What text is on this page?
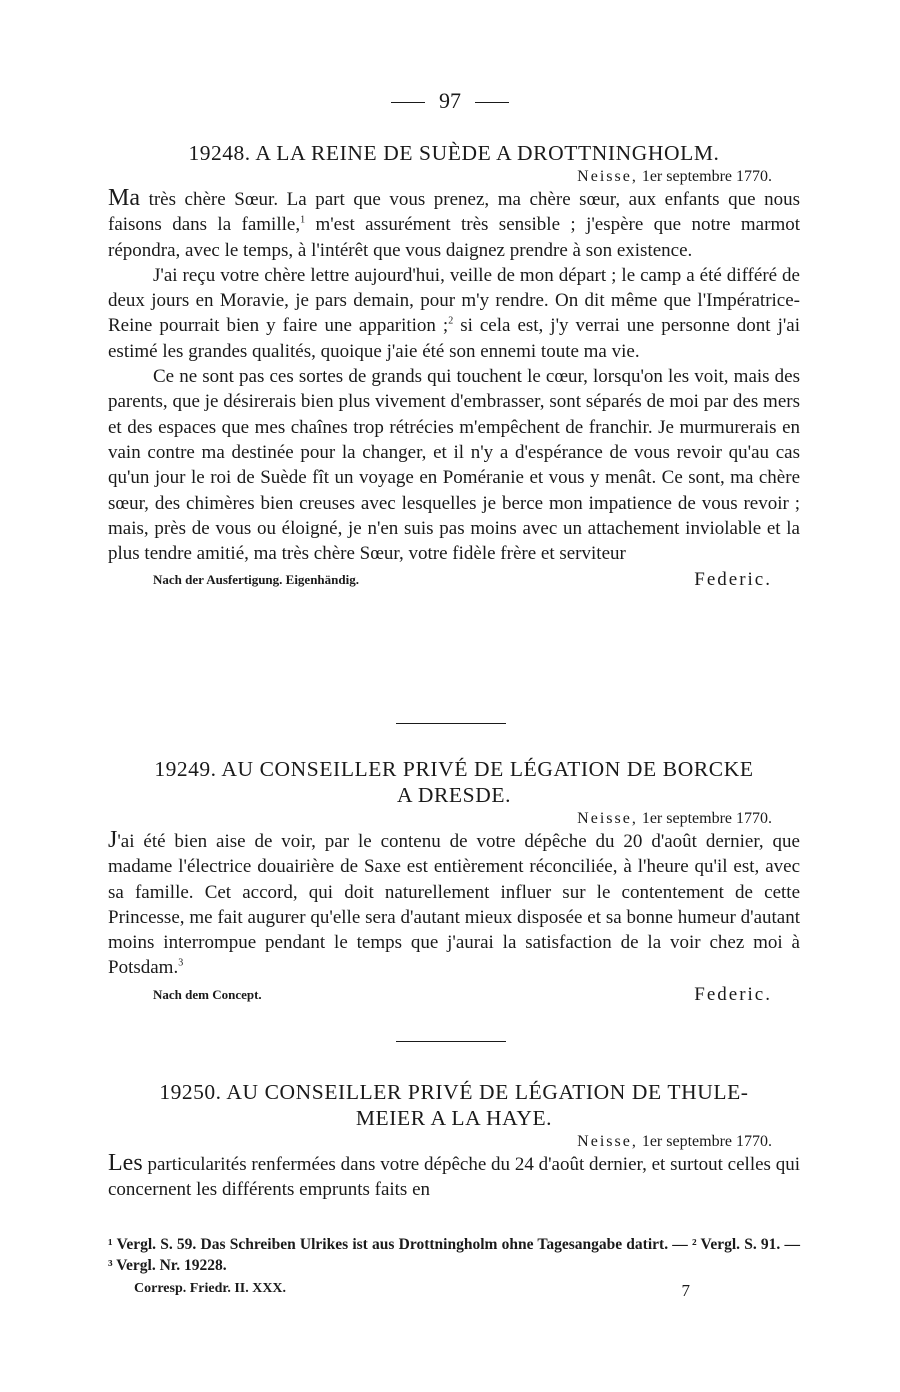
97
19248. A LA REINE DE SUÈDE A DROTTNINGHOLM.
Neisse, 1er septembre 1770.

Ma très chère Sœur. La part que vous prenez, ma chère sœur, aux enfants que nous faisons dans la famille,$^1$ m'est assurément très sensible ; j'espère que notre marmot répondra, avec le temps, à l'intérêt que vous daignez prendre à son existence.

J'ai reçu votre chère lettre aujourd'hui, veille de mon départ ; le camp a été différé de deux jours en Moravie, je pars demain, pour m'y rendre. On dit même que l'Impératrice-Reine pourrait bien y faire une apparition ;$^2$ si cela est, j'y verrai une personne dont j'ai estimé les grandes qualités, quoique j'aie été son ennemi toute ma vie.

Ce ne sont pas ces sortes de grands qui touchent le cœur, lorsqu'on les voit, mais des parents, que je désirerais bien plus vivement d'embrasser, sont séparés de moi par des mers et des espaces que mes chaînes trop rétrécies m'empêchent de franchir. Je murmurerais en vain contre ma destinée pour la changer, et il n'y a d'espérance de vous revoir qu'au cas qu'un jour le roi de Suède fît un voyage en Poméranie et vous y menât. Ce sont, ma chère sœur, des chimères bien creuses avec lesquelles je berce mon impatience de vous revoir ; mais, près de vous ou éloigné, je n'en suis pas moins avec un attachement inviolable et la plus tendre amitié, ma très chère Sœur, votre fidèle frère et serviteur

Nach der Ausfertigung. Eigenhändig.	Federic.
19249. AU CONSEILLER PRIVÉ DE LÉGATION DE BORCKE
A DRESDE.
Neisse, 1er septembre 1770.

J'ai été bien aise de voir, par le contenu de votre dépêche du 20 d'août dernier, que madame l'électrice douairière de Saxe est entièrement réconciliée, à l'heure qu'il est, avec sa famille. Cet accord, qui doit naturellement influer sur le contentement de cette Princesse, me fait augurer qu'elle sera d'autant mieux disposée et sa bonne humeur d'autant moins interrompue pendant le temps que j'aurai la satisfaction de la voir chez moi à Potsdam.$^3$

Nach dem Concept.	Federic.
19250. AU CONSEILLER PRIVÉ DE LÉGATION DE THULE-
MEIER A LA HAYE.
Neisse, 1er septembre 1770.

Les particularités renfermées dans votre dépêche du 24 d'août dernier, et surtout celles qui concernent les différents emprunts faits en

¹ Vergl. S. 59. Das Schreiben Ulrikes ist aus Drottningholm ohne Tagesangabe datirt. — ² Vergl. S. 91. — ³ Vergl. Nr. 19228.
Corresp. Friedr. II. XXX.	7
